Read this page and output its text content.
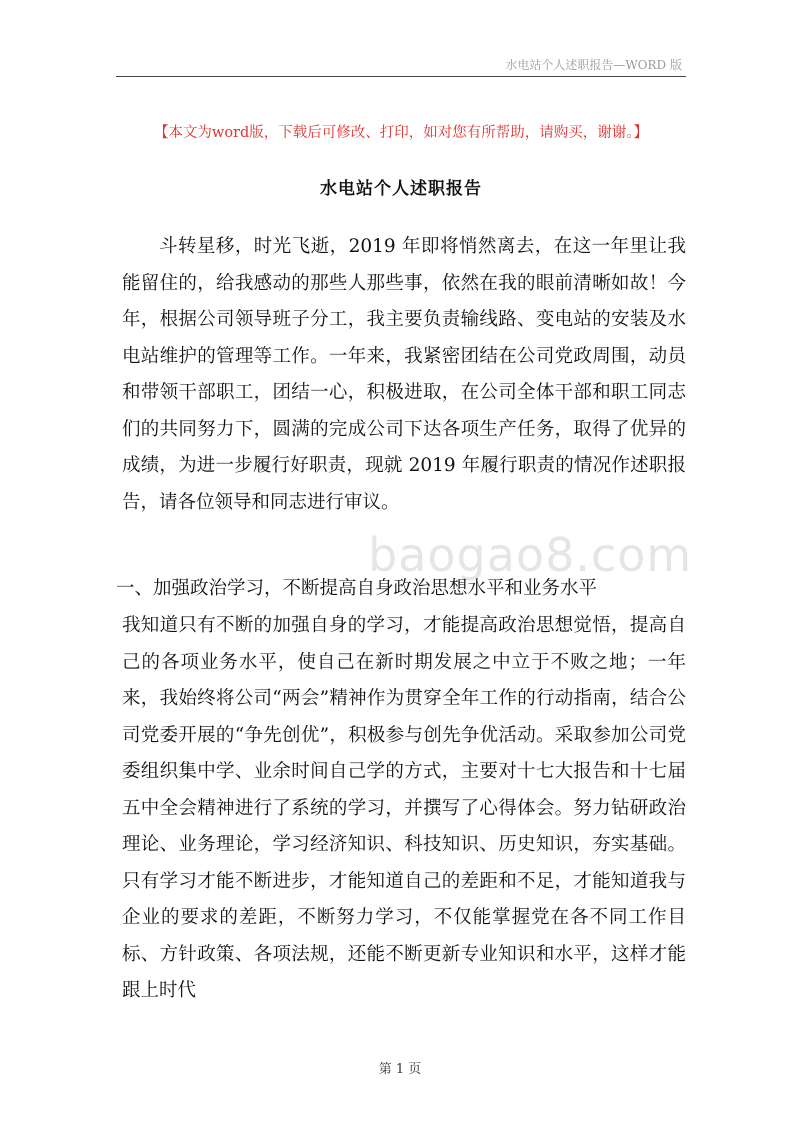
水电站个人述职报告—WORD 版
【本文为word版，下载后可修改、打印，如对您有所帮助，请购买，谢谢。】
水电站个人述职报告

斗转星移，时光飞逝，2019 年即将悄然离去，在这一年里让我能留住的，给我感动的那些人那些事，依然在我的眼前清晰如故！今年，根据公司领导班子分工，我主要负责输线路、变电站的安装及水电站维护的管理等工作。一年来，我紧密团结在公司党政周围，动员和带领干部职工，团结一心，积极进取，在公司全体干部和职工同志们的共同努力下，圆满的完成公司下达各项生产任务，取得了优异的成绩，为进一步履行好职责，现就 2019 年履行职责的情况作述职报告，请各位领导和同志进行审议。

baogao8.com

一、加强政治学习，不断提高自身政治思想水平和业务水平

我知道只有不断的加强自身的学习，才能提高政治思想觉悟，提高自己的各项业务水平，使自己在新时期发展之中立于不败之地；一年来，我始终将公司“两会”精神作为贯穿全年工作的行动指南，结合公司党委开展的“争先创优”，积极参与创先争优活动。采取参加公司党委组织集中学、业余时间自己学的方式，主要对十七大报告和十七届五中全会精神进行了系统的学习，并撰写了心得体会。努力钻研政治理论、业务理论，学习经济知识、科技知识、历史知识，夯实基础。只有学习才能不断进步，才能知道自己的差距和不足，才能知道我与企业的要求的差距，不断努力学习，不仅能掌握党在各不同工作目标、方针政策、各项法规，还能不断更新专业知识和水平，这样才能跟上时代

第 1 页
